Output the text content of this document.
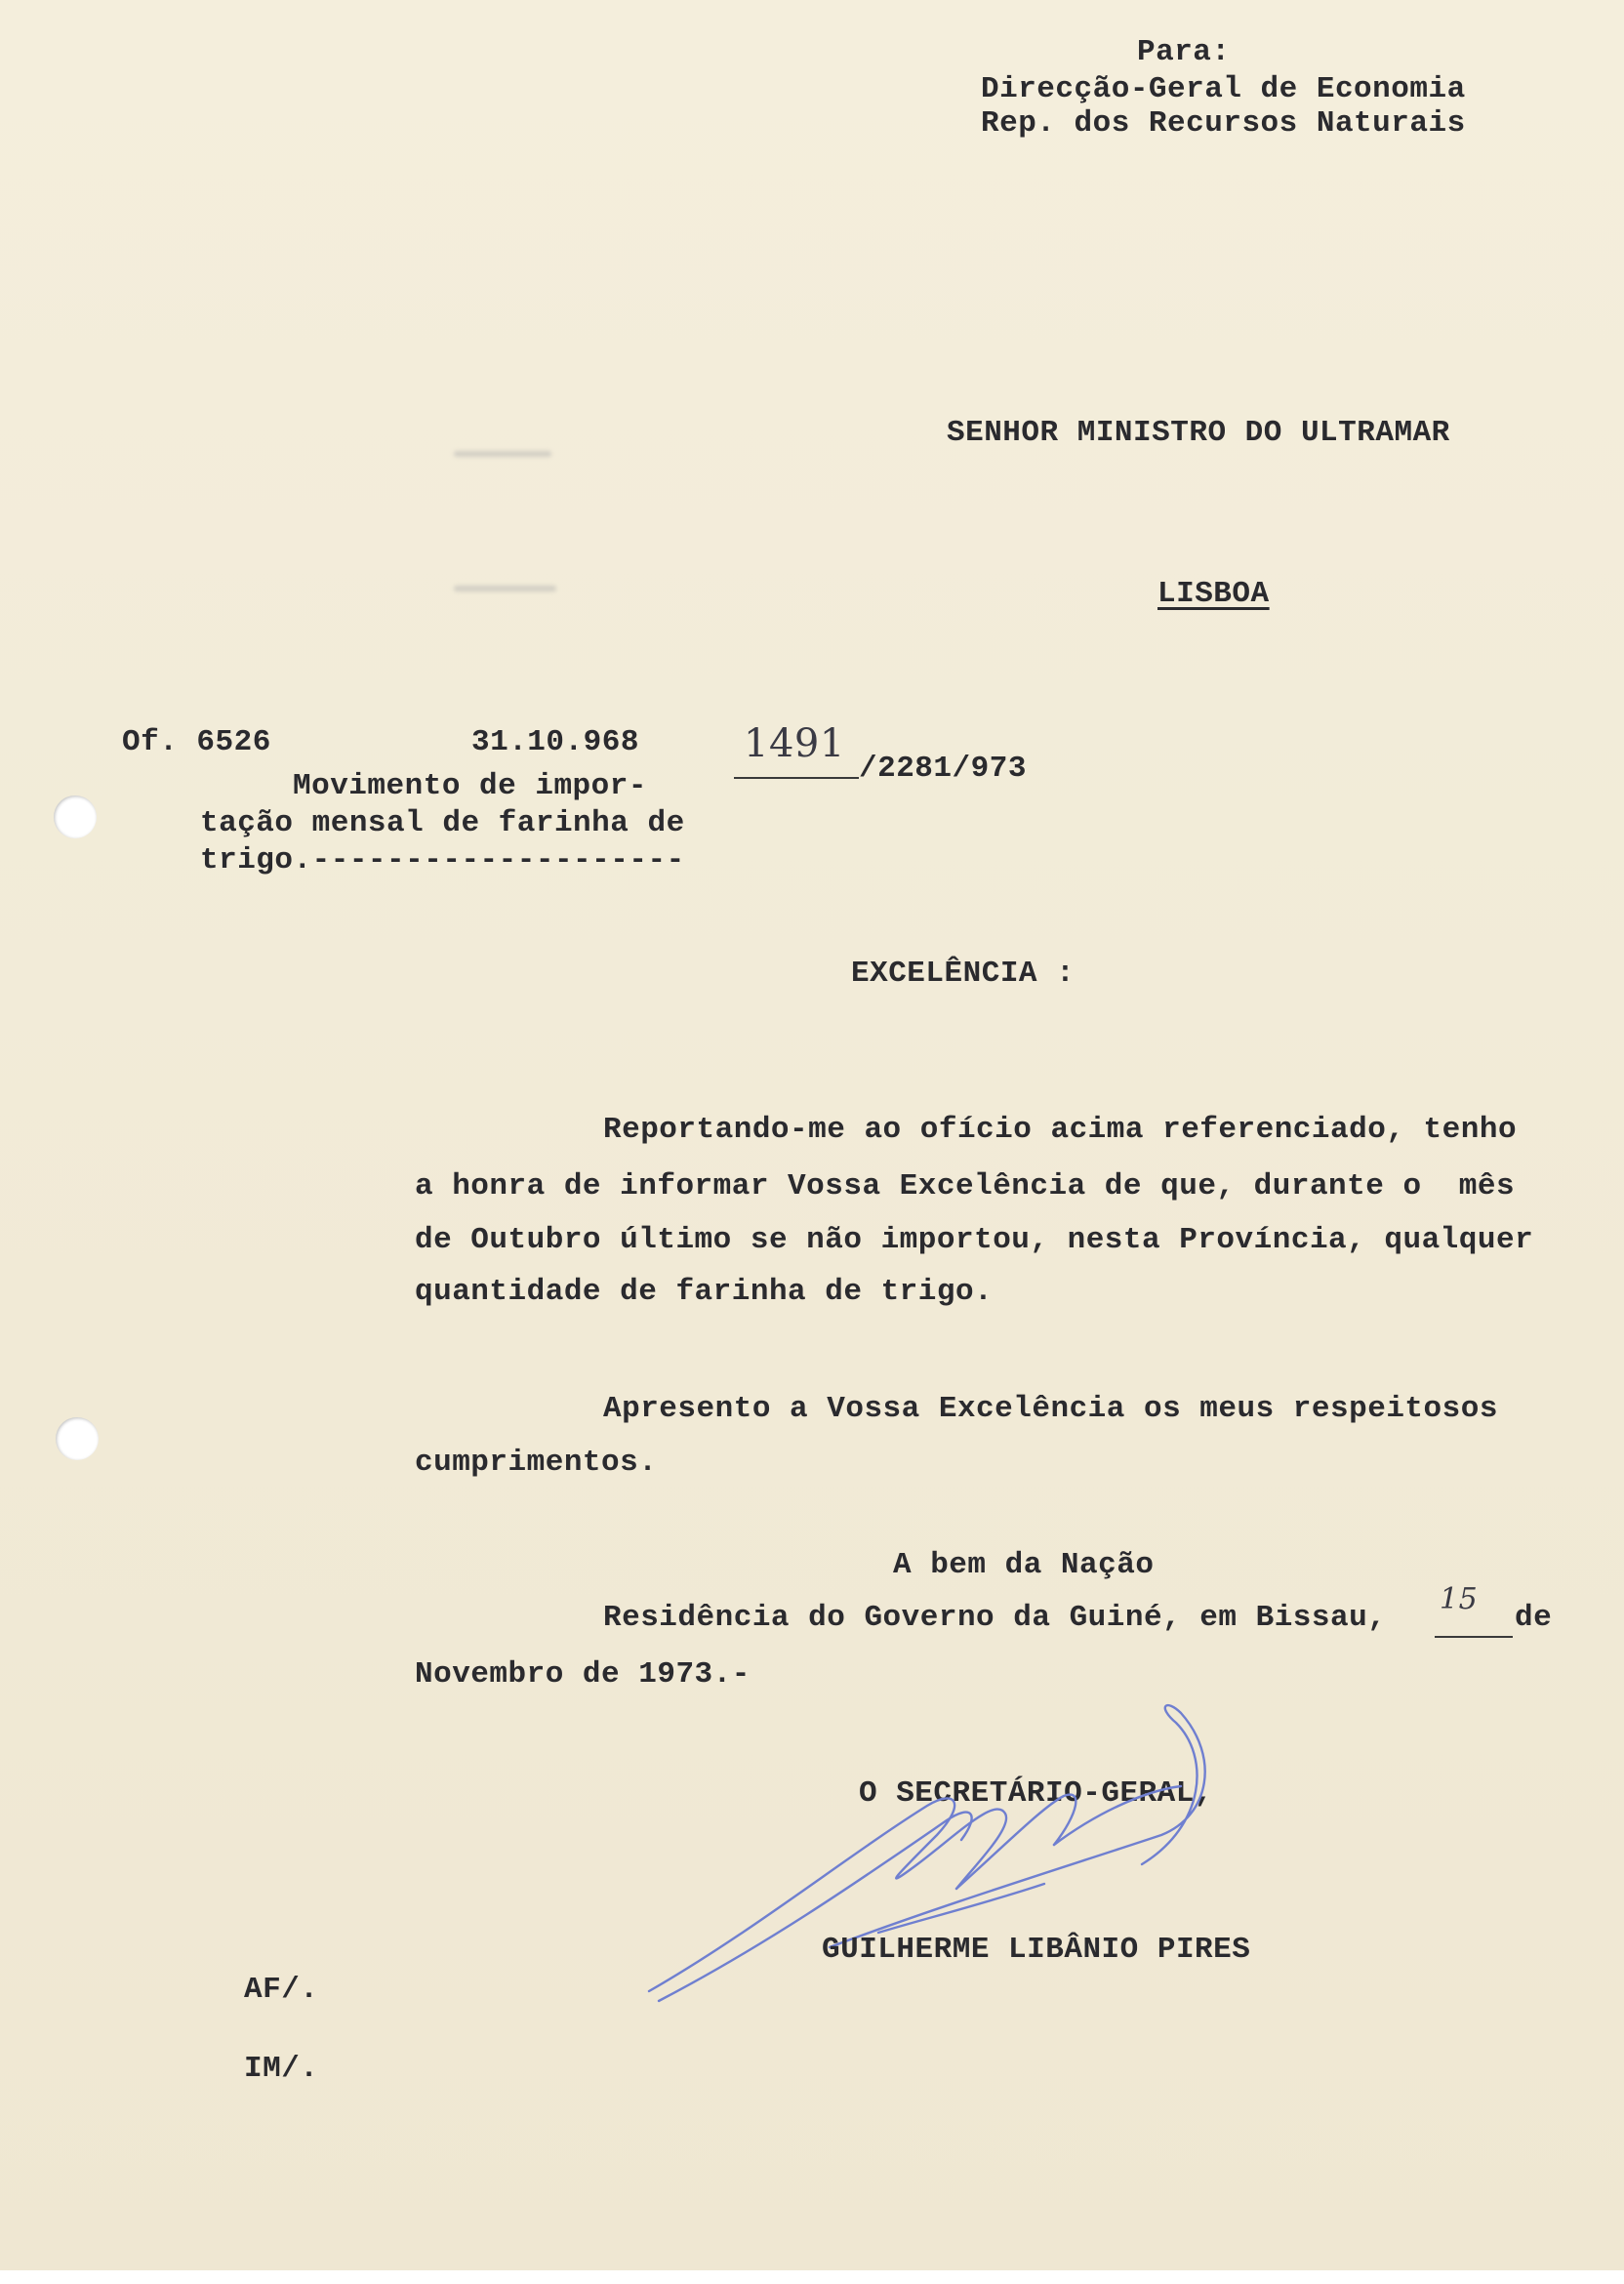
Para:
Direcção-Geral de Economia
Rep. dos Recursos Naturais
SENHOR MINISTRO DO ULTRAMAR
LISBOA
Of. 6526	31.10.968
Movimento de impor-
tação mensal de farinha de
trigo.--------------------
1491
/2281/973
EXCELÊNCIA :
Reportando-me ao ofício acima referenciado, tenho
a honra de informar Vossa Excelência de que, durante o  mês
de Outubro último se não importou, nesta Província, qualquer
quantidade de farinha de trigo.
Apresento a Vossa Excelência os meus respeitosos
cumprimentos.
A bem da Nação
Residência do Governo da Guiné, em Bissau,
15
de
Novembro de 1973.-
O SECRETÁRIO-GERAL,
GUILHERME LIBÂNIO PIRES
AF/.
IM/.
